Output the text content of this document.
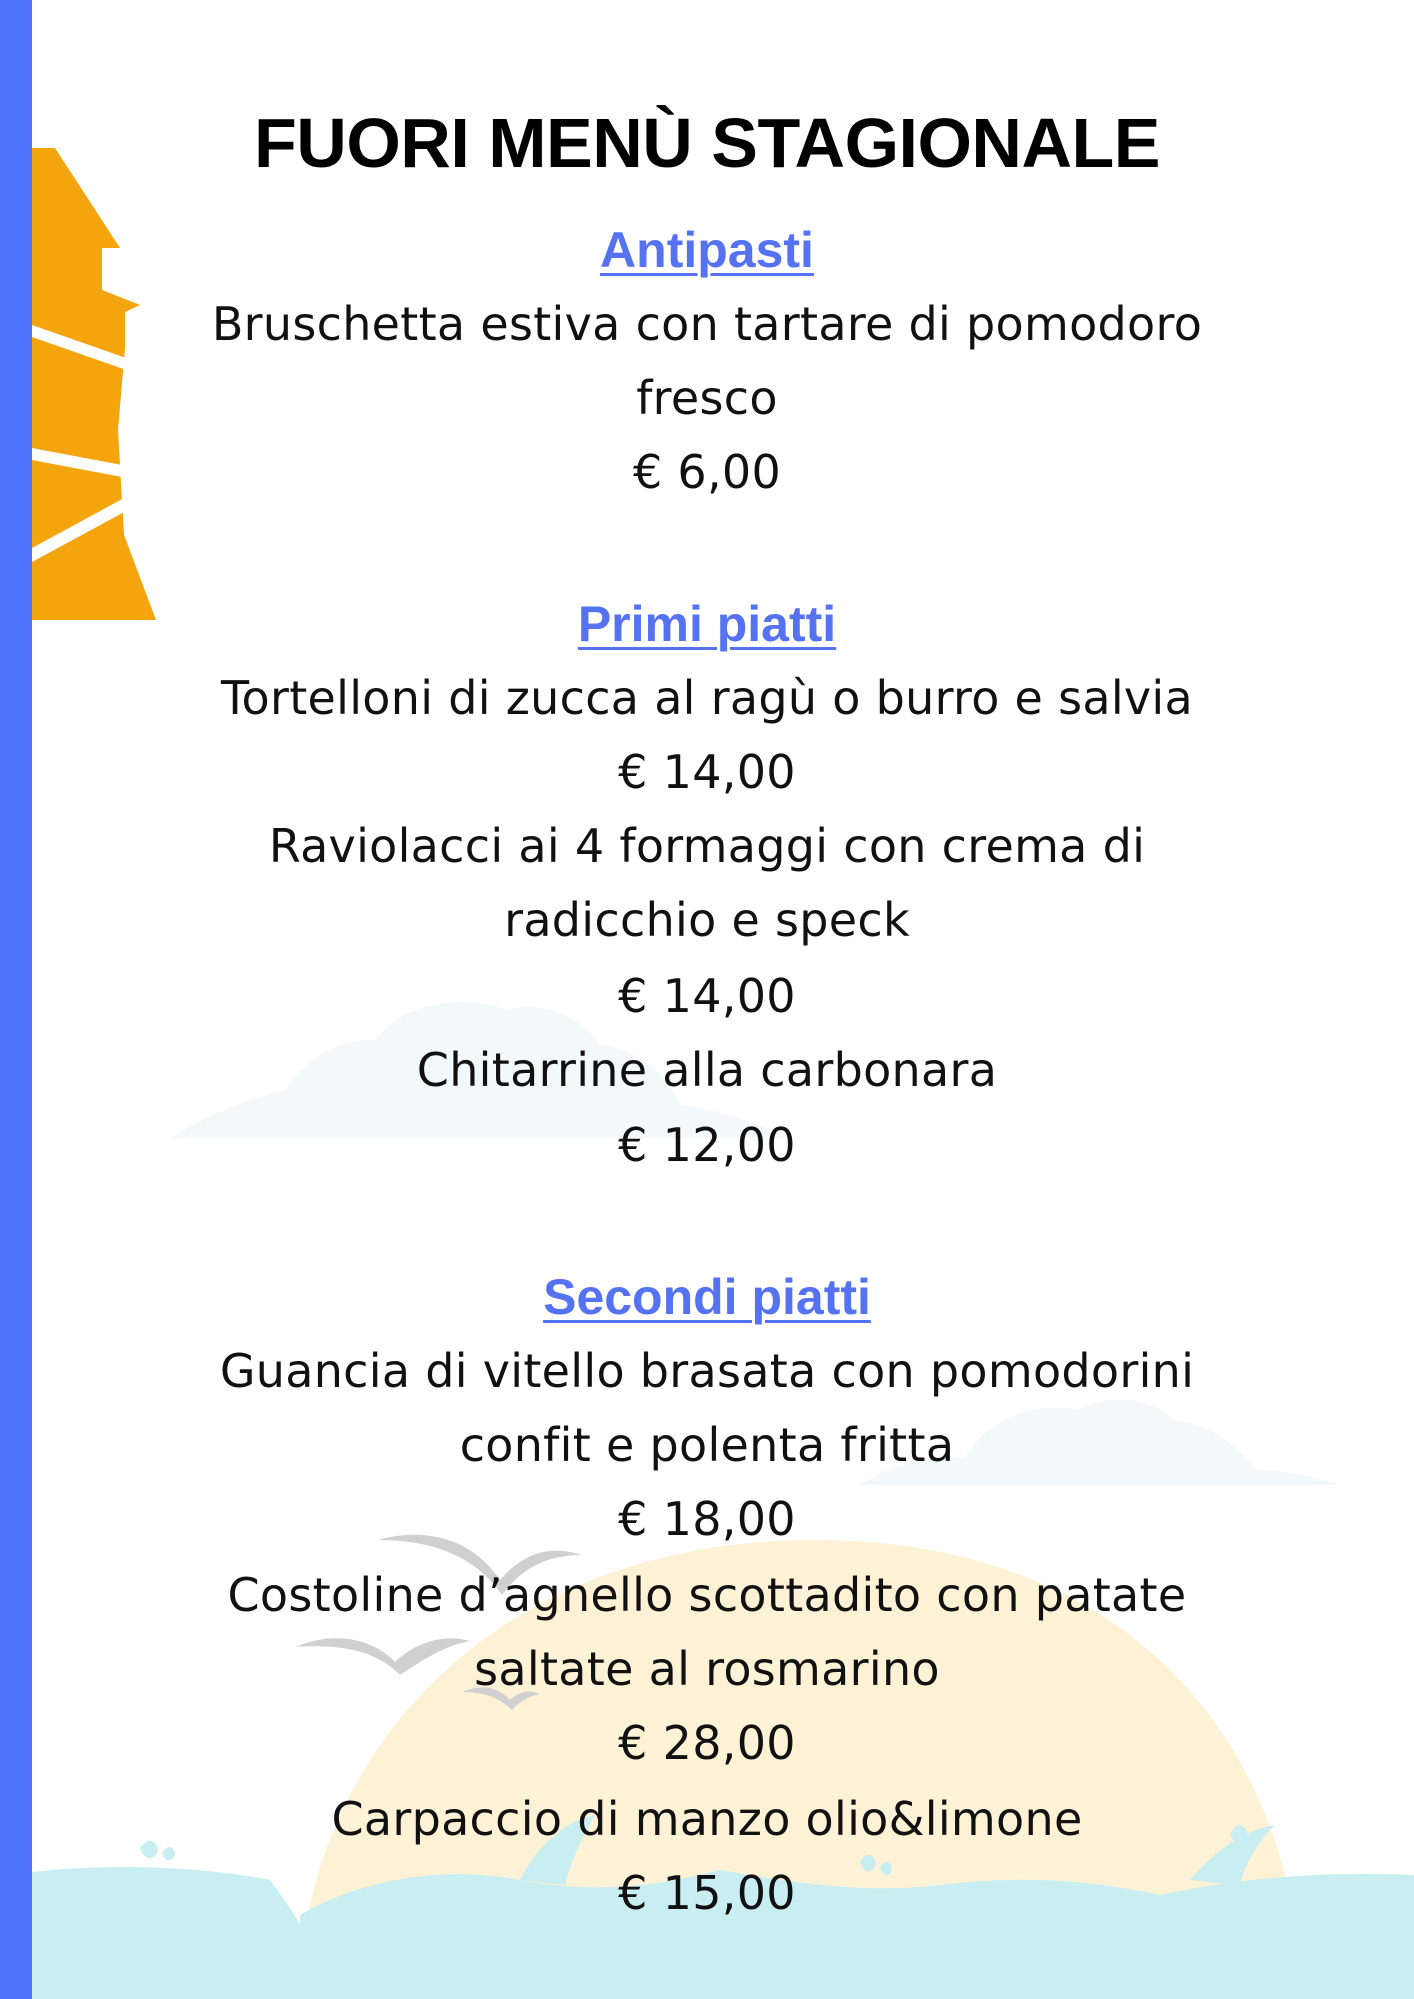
FUORI MENÙ STAGIONALE
Antipasti
Bruschetta estiva con tartare di pomodoro
fresco
€ 6,00
Primi piatti
Tortelloni di zucca al ragù o burro e salvia
€ 14,00
Raviolacci ai 4 formaggi con crema di
radicchio e speck
€ 14,00
Chitarrine alla carbonara
€ 12,00
Secondi piatti
Guancia di vitello brasata con pomodorini
confit e polenta fritta
€ 18,00
Costoline d’agnello scottadito con patate
saltate al rosmarino
€ 28,00
Carpaccio di manzo olio&limone
€ 15,00
